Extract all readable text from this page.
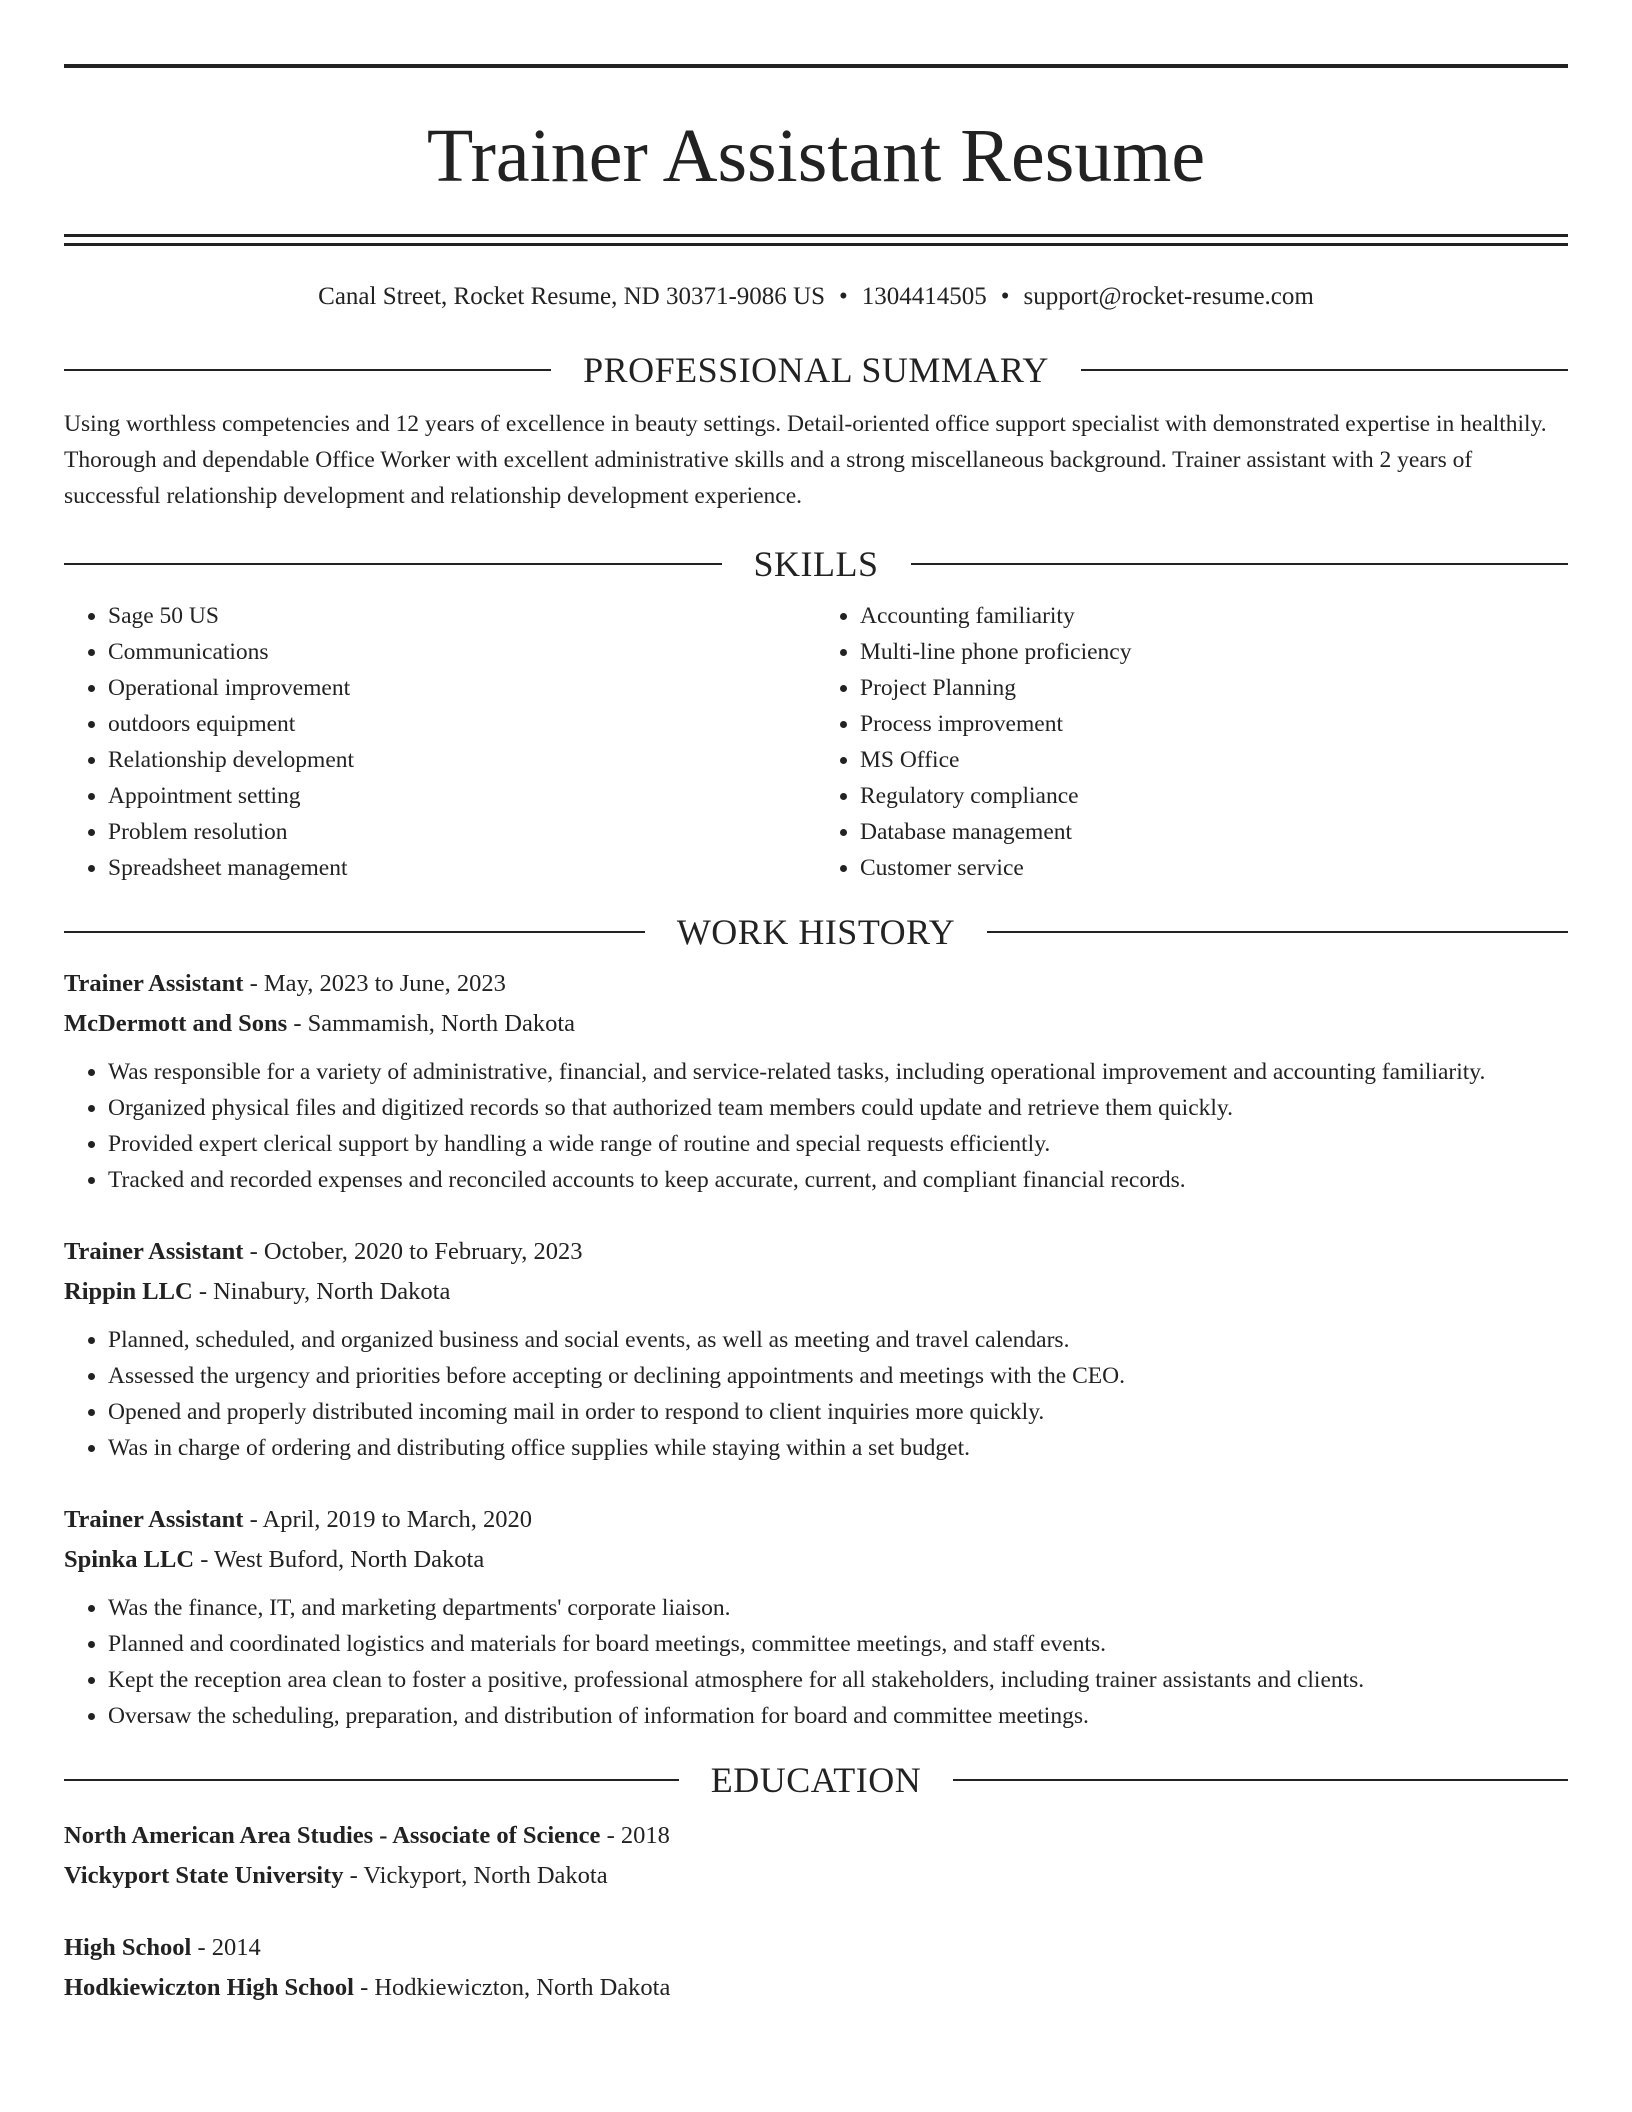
Trainer Assistant Resume
Canal Street, Rocket Resume, ND 30371-9086 US • 1304414505 • support@rocket-resume.com
PROFESSIONAL SUMMARY
Using worthless competencies and 12 years of excellence in beauty settings. Detail-oriented office support specialist with demonstrated expertise in healthily. Thorough and dependable Office Worker with excellent administrative skills and a strong miscellaneous background. Trainer assistant with 2 years of successful relationship development and relationship development experience.
SKILLS
• Sage 50 US
• Communications
• Operational improvement
• outdoors equipment
• Relationship development
• Appointment setting
• Problem resolution
• Spreadsheet management
• Accounting familiarity
• Multi-line phone proficiency
• Project Planning
• Process improvement
• MS Office
• Regulatory compliance
• Database management
• Customer service
WORK HISTORY
Trainer Assistant - May, 2023 to June, 2023
McDermott and Sons - Sammamish, North Dakota
• Was responsible for a variety of administrative, financial, and service-related tasks, including operational improvement and accounting familiarity.
• Organized physical files and digitized records so that authorized team members could update and retrieve them quickly.
• Provided expert clerical support by handling a wide range of routine and special requests efficiently.
• Tracked and recorded expenses and reconciled accounts to keep accurate, current, and compliant financial records.
Trainer Assistant - October, 2020 to February, 2023
Rippin LLC - Ninabury, North Dakota
• Planned, scheduled, and organized business and social events, as well as meeting and travel calendars.
• Assessed the urgency and priorities before accepting or declining appointments and meetings with the CEO.
• Opened and properly distributed incoming mail in order to respond to client inquiries more quickly.
• Was in charge of ordering and distributing office supplies while staying within a set budget.
Trainer Assistant - April, 2019 to March, 2020
Spinka LLC - West Buford, North Dakota
• Was the finance, IT, and marketing departments' corporate liaison.
• Planned and coordinated logistics and materials for board meetings, committee meetings, and staff events.
• Kept the reception area clean to foster a positive, professional atmosphere for all stakeholders, including trainer assistants and clients.
• Oversaw the scheduling, preparation, and distribution of information for board and committee meetings.
EDUCATION
North American Area Studies - Associate of Science - 2018
Vickyport State University - Vickyport, North Dakota
High School - 2014
Hodkiewiczton High School - Hodkiewiczton, North Dakota
